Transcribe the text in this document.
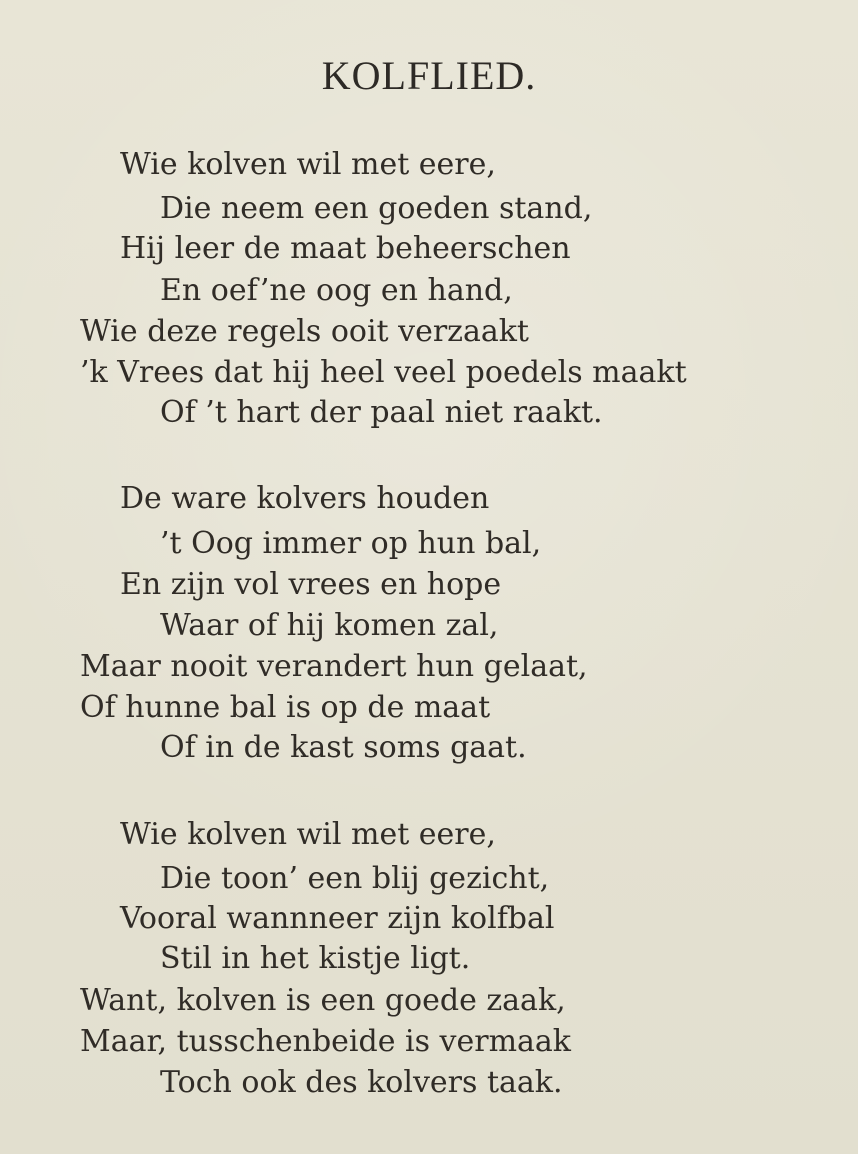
KOLFLIED.
Wie kolven wil met eere,
Die neem een goeden stand,
Hij leer de maat beheerschen
En oef’ne oog en hand,
Wie deze regels ooit verzaakt
’k Vrees dat hij heel veel poedels maakt
Of ’t hart der paal niet raakt.
De ware kolvers houden
’t Oog immer op hun bal,
En zijn vol vrees en hope
Waar of hij komen zal,
Maar nooit verandert hun gelaat,
Of hunne bal is op de maat
Of in de kast soms gaat.
Wie kolven wil met eere,
Die toon’ een blij gezicht,
Vooral wannneer zijn kolfbal
Stil in het kistje ligt.
Want, kolven is een goede zaak,
Maar, tusschenbeide is vermaak
Toch ook des kolvers taak.
